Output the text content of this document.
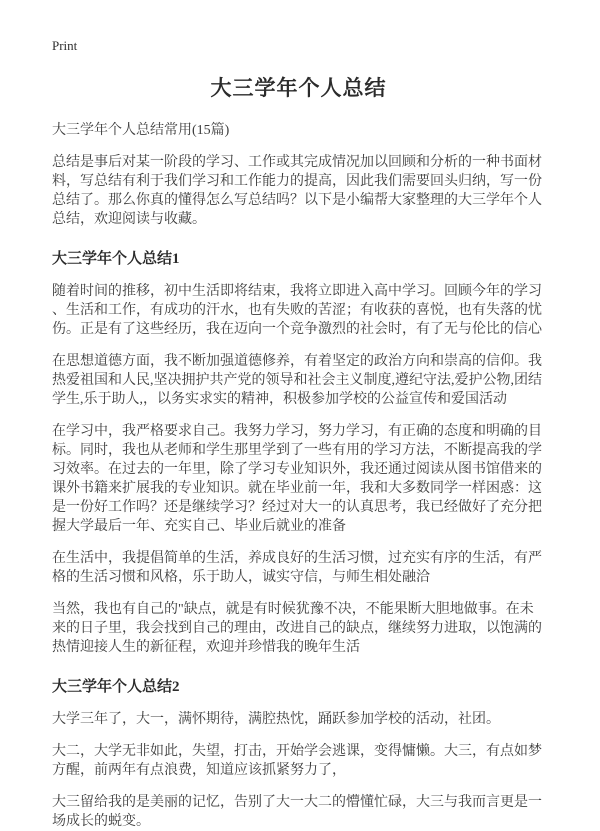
Print
大三学年个人总结

大三学年个人总结常用(15篇)

总结是事后对某一阶段的学习、工作或其完成情况加以回顾和分析的一种书面材料，写总结有利于我们学习和工作能力的提高，因此我们需要回头归纳，写一份总结了。那么你真的懂得怎么写总结吗？以下是小编帮大家整理的大三学年个人总结，欢迎阅读与收藏。

大三学年个人总结1

随着时间的推移，初中生活即将结束，我将立即进入高中学习。回顾今年的学习、生活和工作，有成功的汗水，也有失败的苦涩；有收获的喜悦，也有失落的忧伤。正是有了这些经历，我在迈向一个竞争激烈的社会时，有了无与伦比的信心

在思想道德方面，我不断加强道德修养，有着坚定的政治方向和崇高的信仰。我热爱祖国和人民,坚决拥护共产党的领导和社会主义制度,遵纪守法,爱护公物,团结学生,乐于助人,，以务实求实的精神，积极参加学校的公益宣传和爱国活动

在学习中，我严格要求自己。我努力学习，努力学习，有正确的态度和明确的目标。同时，我也从老师和学生那里学到了一些有用的学习方法，不断提高我的学习效率。在过去的一年里，除了学习专业知识外，我还通过阅读从图书馆借来的课外书籍来扩展我的专业知识。就在毕业前一年，我和大多数同学一样困惑：这是一份好工作吗？还是继续学习？经过对大一的认真思考，我已经做好了充分把握大学最后一年、充实自己、毕业后就业的准备

在生活中，我提倡简单的生活，养成良好的生活习惯，过充实有序的生活，有严格的生活习惯和风格，乐于助人，诚实守信，与师生相处融洽

当然，我也有自己的"缺点，就是有时候犹豫不决，不能果断大胆地做事。在未来的日子里，我会找到自己的理由，改进自己的缺点，继续努力进取，以饱满的热情迎接人生的新征程，欢迎并珍惜我的晚年生活

大三学年个人总结2

大学三年了，大一，满怀期待，满腔热忱，踊跃参加学校的活动，社团。

大二，大学无非如此，失望，打击，开始学会逃课，变得慵懒。大三，有点如梦方醒，前两年有点浪费，知道应该抓紧努力了，

大三留给我的是美丽的记忆，告别了大一大二的懵懂忙碌，大三与我而言更是一场成长的蜕变。
